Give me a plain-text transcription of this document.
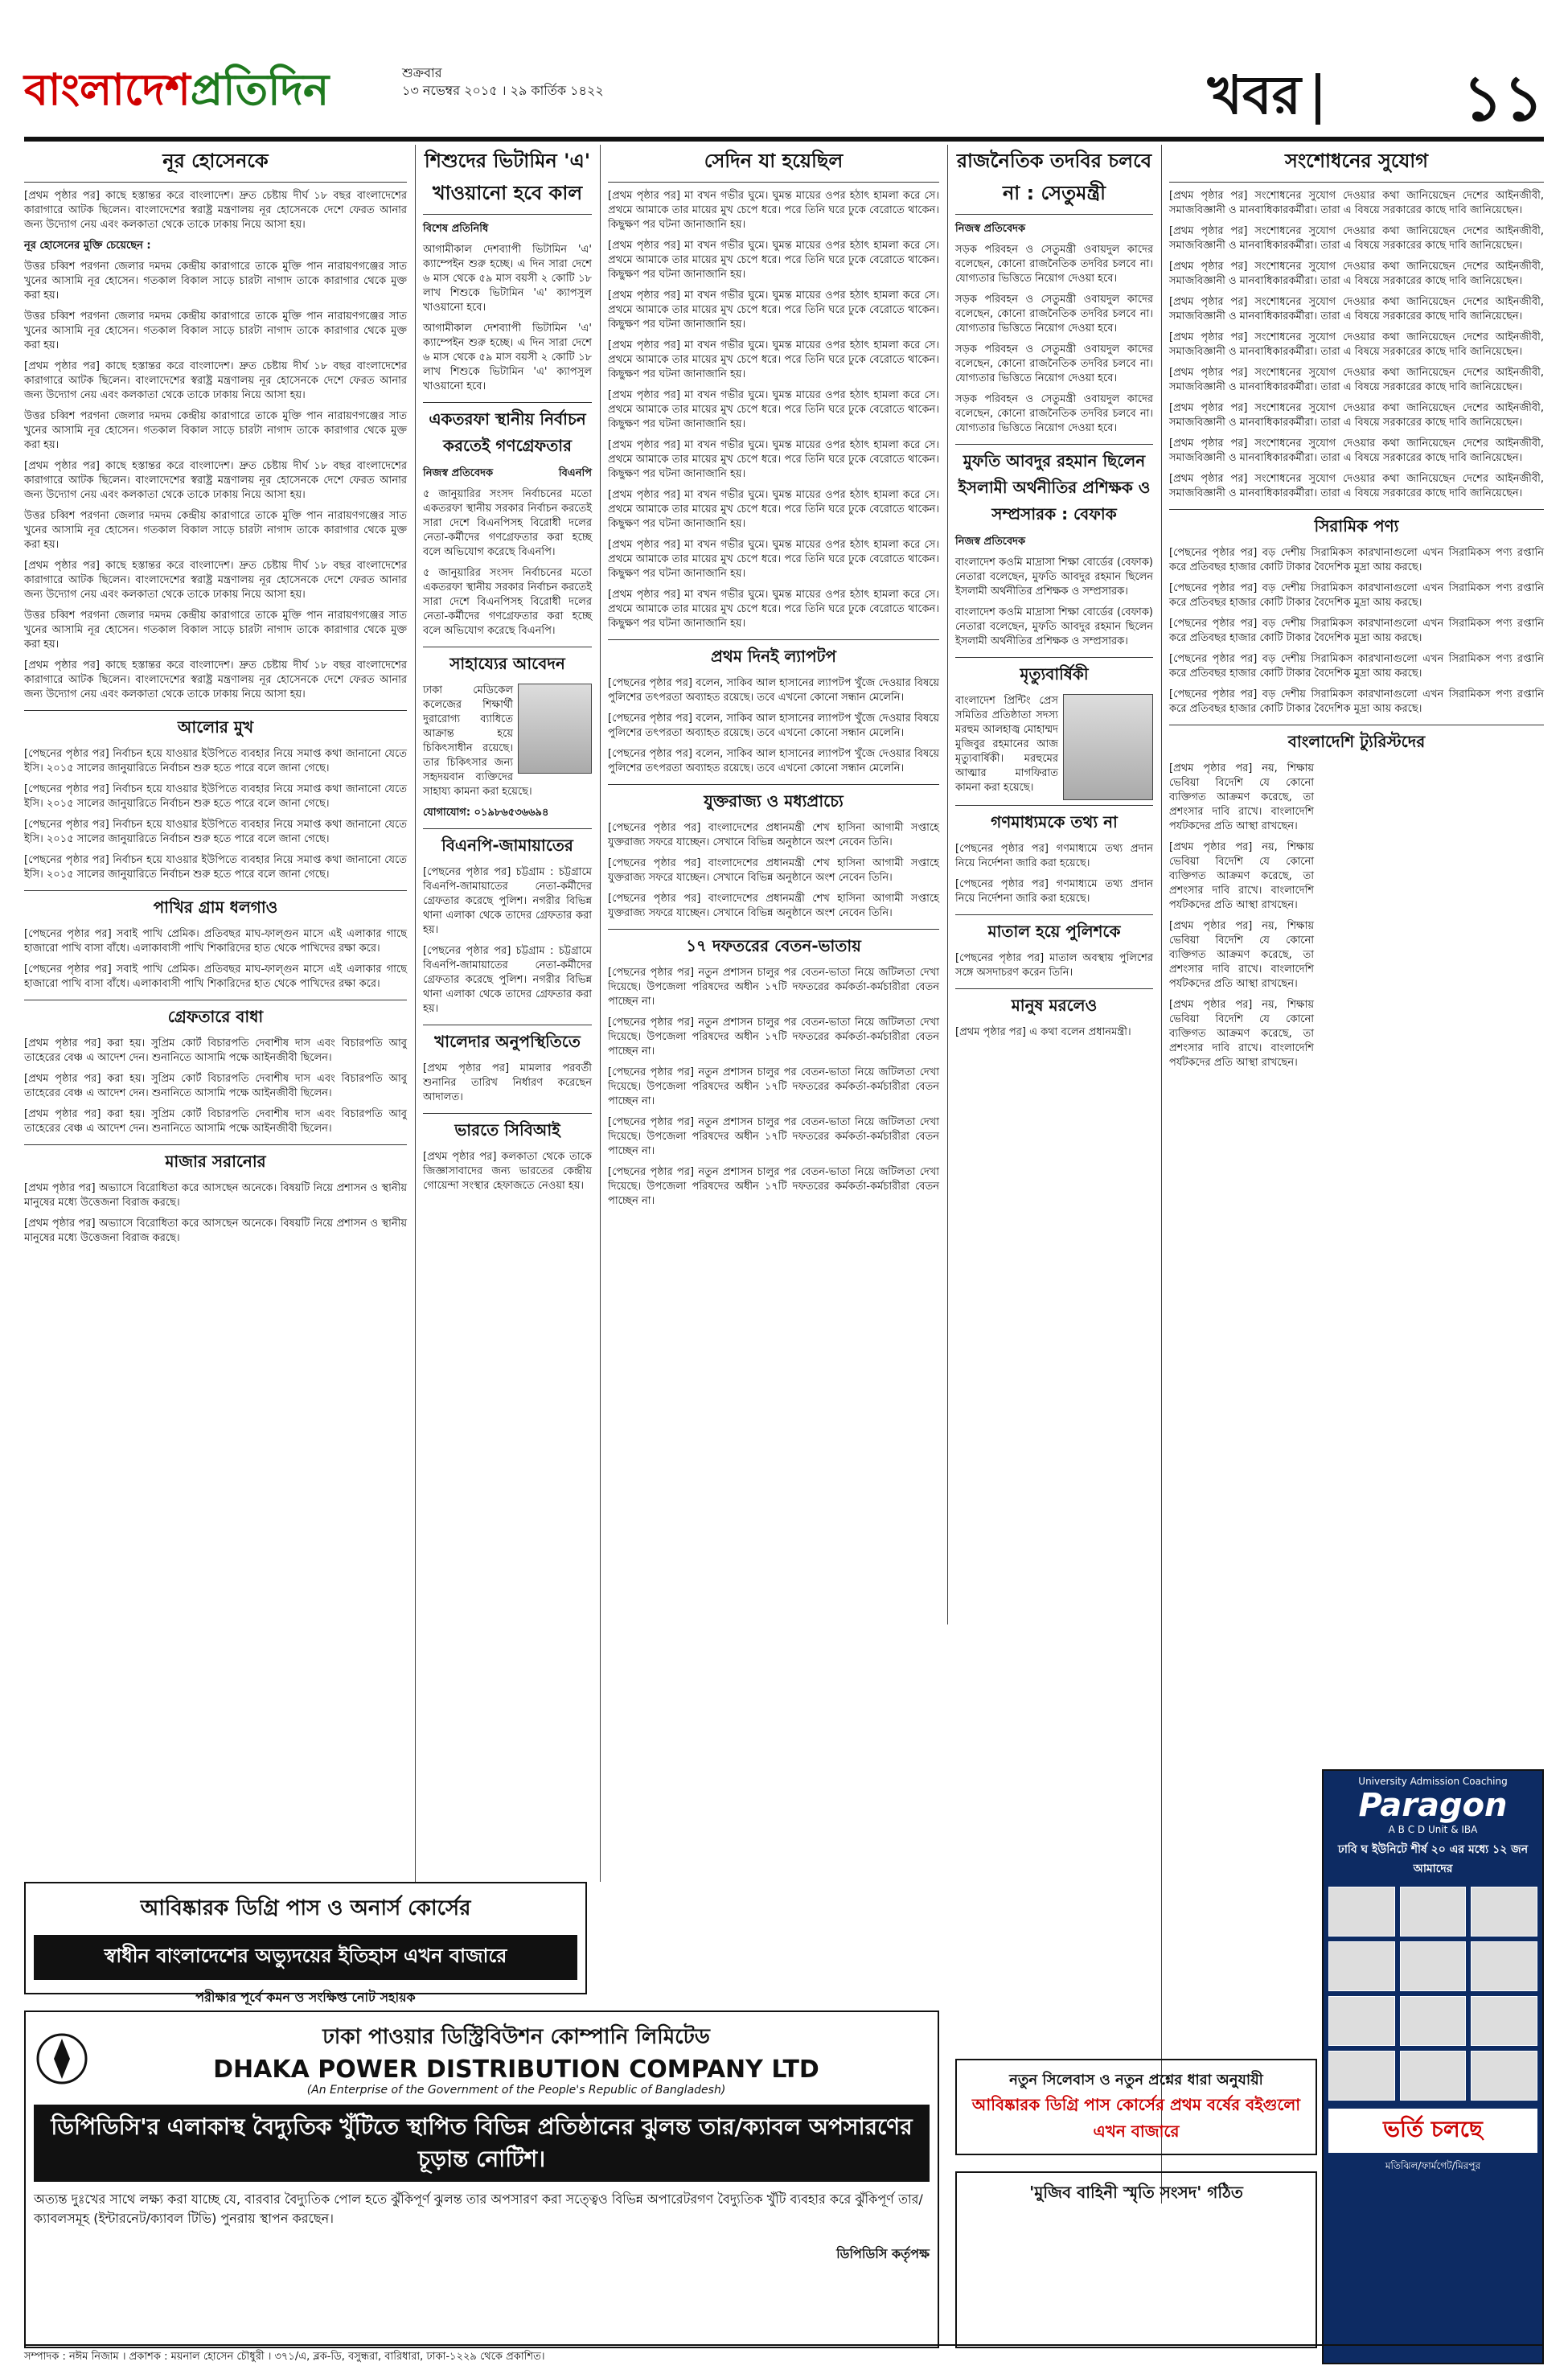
বাংলাদেশপ্রতিদিন	শুক্রবার
১৩ নভেম্বর ২০১৫ । ২৯ কার্তিক ১৪২২	খবর	১১
নূর হোসেনকে

[প্রথম পৃষ্ঠার পর] কাছে হস্তান্তর করে বাংলাদেশ। দ্রুত চেষ্টায় দীর্ঘ ১৮ বছর বাংলাদেশের কারাগারে আটক ছিলেন। বাংলাদেশের স্বরাষ্ট্র মন্ত্রণালয় নূর হোসেনকে দেশে ফেরত আনার জন্য উদ্যোগ নেয় এবং কলকাতা থেকে তাকে ঢাকায় নিয়ে আসা হয়।

নূর হোসেনের মুক্তি চেয়েছেন :

উত্তর চব্বিশ পরগনা জেলার দমদম কেন্দ্রীয় কারাগারে তাকে মুক্তি পান নারায়ণগঞ্জের সাত খুনের আসামি নূর হোসেন। গতকাল বিকাল সাড়ে চারটা নাগাদ তাকে কারাগার থেকে মুক্ত করা হয়।

উত্তর চব্বিশ পরগনা জেলার দমদম কেন্দ্রীয় কারাগারে তাকে মুক্তি পান নারায়ণগঞ্জের সাত খুনের আসামি নূর হোসেন। গতকাল বিকাল সাড়ে চারটা নাগাদ তাকে কারাগার থেকে মুক্ত করা হয়।

[প্রথম পৃষ্ঠার পর] কাছে হস্তান্তর করে বাংলাদেশ। দ্রুত চেষ্টায় দীর্ঘ ১৮ বছর বাংলাদেশের কারাগারে আটক ছিলেন। বাংলাদেশের স্বরাষ্ট্র মন্ত্রণালয় নূর হোসেনকে দেশে ফেরত আনার জন্য উদ্যোগ নেয় এবং কলকাতা থেকে তাকে ঢাকায় নিয়ে আসা হয়।

উত্তর চব্বিশ পরগনা জেলার দমদম কেন্দ্রীয় কারাগারে তাকে মুক্তি পান নারায়ণগঞ্জের সাত খুনের আসামি নূর হোসেন। গতকাল বিকাল সাড়ে চারটা নাগাদ তাকে কারাগার থেকে মুক্ত করা হয়।

[প্রথম পৃষ্ঠার পর] কাছে হস্তান্তর করে বাংলাদেশ। দ্রুত চেষ্টায় দীর্ঘ ১৮ বছর বাংলাদেশের কারাগারে আটক ছিলেন। বাংলাদেশের স্বরাষ্ট্র মন্ত্রণালয় নূর হোসেনকে দেশে ফেরত আনার জন্য উদ্যোগ নেয় এবং কলকাতা থেকে তাকে ঢাকায় নিয়ে আসা হয়।

উত্তর চব্বিশ পরগনা জেলার দমদম কেন্দ্রীয় কারাগারে তাকে মুক্তি পান নারায়ণগঞ্জের সাত খুনের আসামি নূর হোসেন। গতকাল বিকাল সাড়ে চারটা নাগাদ তাকে কারাগার থেকে মুক্ত করা হয়।

[প্রথম পৃষ্ঠার পর] কাছে হস্তান্তর করে বাংলাদেশ। দ্রুত চেষ্টায় দীর্ঘ ১৮ বছর বাংলাদেশের কারাগারে আটক ছিলেন। বাংলাদেশের স্বরাষ্ট্র মন্ত্রণালয় নূর হোসেনকে দেশে ফেরত আনার জন্য উদ্যোগ নেয় এবং কলকাতা থেকে তাকে ঢাকায় নিয়ে আসা হয়।

উত্তর চব্বিশ পরগনা জেলার দমদম কেন্দ্রীয় কারাগারে তাকে মুক্তি পান নারায়ণগঞ্জের সাত খুনের আসামি নূর হোসেন। গতকাল বিকাল সাড়ে চারটা নাগাদ তাকে কারাগার থেকে মুক্ত করা হয়।

[প্রথম পৃষ্ঠার পর] কাছে হস্তান্তর করে বাংলাদেশ। দ্রুত চেষ্টায় দীর্ঘ ১৮ বছর বাংলাদেশের কারাগারে আটক ছিলেন। বাংলাদেশের স্বরাষ্ট্র মন্ত্রণালয় নূর হোসেনকে দেশে ফেরত আনার জন্য উদ্যোগ নেয় এবং কলকাতা থেকে তাকে ঢাকায় নিয়ে আসা হয়।

আলোর মুখ

[পেছনের পৃষ্ঠার পর] নির্বাচন হয়ে যাওয়ার ইউপিতে ব্যবহার নিয়ে সমাপ্ত কথা জানানো যেতে ইসি। ২০১৫ সালের জানুয়ারিতে নির্বাচন শুরু হতে পারে বলে জানা গেছে।

[পেছনের পৃষ্ঠার পর] নির্বাচন হয়ে যাওয়ার ইউপিতে ব্যবহার নিয়ে সমাপ্ত কথা জানানো যেতে ইসি। ২০১৫ সালের জানুয়ারিতে নির্বাচন শুরু হতে পারে বলে জানা গেছে।

[পেছনের পৃষ্ঠার পর] নির্বাচন হয়ে যাওয়ার ইউপিতে ব্যবহার নিয়ে সমাপ্ত কথা জানানো যেতে ইসি। ২০১৫ সালের জানুয়ারিতে নির্বাচন শুরু হতে পারে বলে জানা গেছে।

[পেছনের পৃষ্ঠার পর] নির্বাচন হয়ে যাওয়ার ইউপিতে ব্যবহার নিয়ে সমাপ্ত কথা জানানো যেতে ইসি। ২০১৫ সালের জানুয়ারিতে নির্বাচন শুরু হতে পারে বলে জানা গেছে।

পাখির গ্রাম ধলগাও

[পেছনের পৃষ্ঠার পর] সবাই পাখি প্রেমিক। প্রতিবছর মাঘ-ফাল্গুন মাসে এই এলাকার গাছে হাজারো পাখি বাসা বাঁধে। এলাকাবাসী পাখি শিকারিদের হাত থেকে পাখিদের রক্ষা করে।

[পেছনের পৃষ্ঠার পর] সবাই পাখি প্রেমিক। প্রতিবছর মাঘ-ফাল্গুন মাসে এই এলাকার গাছে হাজারো পাখি বাসা বাঁধে। এলাকাবাসী পাখি শিকারিদের হাত থেকে পাখিদের রক্ষা করে।

গ্রেফতারে বাধা

[প্রথম পৃষ্ঠার পর] করা হয়। সুপ্রিম কোর্ট বিচারপতি দেবাশীষ দাস এবং বিচারপতি আবু তাহেরের বেঞ্চ এ আদেশ দেন। শুনানিতে আসামি পক্ষে আইনজীবী ছিলেন।

[প্রথম পৃষ্ঠার পর] করা হয়। সুপ্রিম কোর্ট বিচারপতি দেবাশীষ দাস এবং বিচারপতি আবু তাহেরের বেঞ্চ এ আদেশ দেন। শুনানিতে আসামি পক্ষে আইনজীবী ছিলেন।

[প্রথম পৃষ্ঠার পর] করা হয়। সুপ্রিম কোর্ট বিচারপতি দেবাশীষ দাস এবং বিচারপতি আবু তাহেরের বেঞ্চ এ আদেশ দেন। শুনানিতে আসামি পক্ষে আইনজীবী ছিলেন।

মাজার সরানোর

[প্রথম পৃষ্ঠার পর] অভ্যাসে বিরোধিতা করে আসছেন অনেকে। বিষয়টি নিয়ে প্রশাসন ও স্থানীয় মানুষের মধ্যে উত্তেজনা বিরাজ করছে।

[প্রথম পৃষ্ঠার পর] অভ্যাসে বিরোধিতা করে আসছেন অনেকে। বিষয়টি নিয়ে প্রশাসন ও স্থানীয় মানুষের মধ্যে উত্তেজনা বিরাজ করছে।

শিশুদের ভিটামিন 'এ' খাওয়ানো হবে কাল
বিশেষ প্রতিনিধি

আগামীকাল দেশব্যাপী ভিটামিন 'এ' ক্যাম্পেইন শুরু হচ্ছে। এ দিন সারা দেশে ৬ মাস থেকে ৫৯ মাস বয়সী ২ কোটি ১৮ লাখ শিশুকে ভিটামিন 'এ' ক্যাপসুল খাওয়ানো হবে।

আগামীকাল দেশব্যাপী ভিটামিন 'এ' ক্যাম্পেইন শুরু হচ্ছে। এ দিন সারা দেশে ৬ মাস থেকে ৫৯ মাস বয়সী ২ কোটি ১৮ লাখ শিশুকে ভিটামিন 'এ' ক্যাপসুল খাওয়ানো হবে।

একতরফা স্থানীয় নির্বাচন করতেই গণগ্রেফতার
নিজস্ব প্রতিবেদক	বিএনপি

৫ জানুয়ারির সংসদ নির্বাচনের মতো একতরফা স্থানীয় সরকার নির্বাচন করতেই সারা দেশে বিএনপিসহ বিরোধী দলের নেতা-কর্মীদের গণগ্রেফতার করা হচ্ছে বলে অভিযোগ করেছে বিএনপি।

৫ জানুয়ারির সংসদ নির্বাচনের মতো একতরফা স্থানীয় সরকার নির্বাচন করতেই সারা দেশে বিএনপিসহ বিরোধী দলের নেতা-কর্মীদের গণগ্রেফতার করা হচ্ছে বলে অভিযোগ করেছে বিএনপি।

সাহায্যের আবেদন

ঢাকা মেডিকেল কলেজের শিক্ষার্থী দুরারোগ্য ব্যাধিতে আক্রান্ত হয়ে চিকিৎসাধীন রয়েছে। তার চিকিৎসার জন্য সহৃদয়বান ব্যক্তিদের সাহায্য কামনা করা হয়েছে।

যোগাযোগ: ০১৯৮৬৫৩৬৬৯৪

বিএনপি-জামায়াতের

[পেছনের পৃষ্ঠার পর] চট্টগ্রাম : চট্টগ্রামে বিএনপি-জামায়াতের নেতা-কর্মীদের গ্রেফতার করেছে পুলিশ। নগরীর বিভিন্ন থানা এলাকা থেকে তাদের গ্রেফতার করা হয়।

[পেছনের পৃষ্ঠার পর] চট্টগ্রাম : চট্টগ্রামে বিএনপি-জামায়াতের নেতা-কর্মীদের গ্রেফতার করেছে পুলিশ। নগরীর বিভিন্ন থানা এলাকা থেকে তাদের গ্রেফতার করা হয়।

খালেদার অনুপস্থিতিতে

[প্রথম পৃষ্ঠার পর] মামলার পরবর্তী শুনানির তারিখ নির্ধারণ করেছেন আদালত।

ভারতে সিবিআই

[প্রথম পৃষ্ঠার পর] কলকাতা থেকে তাকে জিজ্ঞাসাবাদের জন্য ভারতের কেন্দ্রীয় গোয়েন্দা সংস্থার হেফাজতে নেওয়া হয়।

সেদিন যা হয়েছিল

[প্রথম পৃষ্ঠার পর] মা বখন গভীর ঘুমে। ঘুমন্ত মায়ের ওপর হঠাৎ হামলা করে সে। প্রথমে আমাকে তার মায়ের মুখ চেপে ধরে। পরে তিনি ঘরে ঢুকে বেরোতে থাকেন। কিছুক্ষণ পর ঘটনা জানাজানি হয়।

[প্রথম পৃষ্ঠার পর] মা বখন গভীর ঘুমে। ঘুমন্ত মায়ের ওপর হঠাৎ হামলা করে সে। প্রথমে আমাকে তার মায়ের মুখ চেপে ধরে। পরে তিনি ঘরে ঢুকে বেরোতে থাকেন। কিছুক্ষণ পর ঘটনা জানাজানি হয়।

[প্রথম পৃষ্ঠার পর] মা বখন গভীর ঘুমে। ঘুমন্ত মায়ের ওপর হঠাৎ হামলা করে সে। প্রথমে আমাকে তার মায়ের মুখ চেপে ধরে। পরে তিনি ঘরে ঢুকে বেরোতে থাকেন। কিছুক্ষণ পর ঘটনা জানাজানি হয়।

[প্রথম পৃষ্ঠার পর] মা বখন গভীর ঘুমে। ঘুমন্ত মায়ের ওপর হঠাৎ হামলা করে সে। প্রথমে আমাকে তার মায়ের মুখ চেপে ধরে। পরে তিনি ঘরে ঢুকে বেরোতে থাকেন। কিছুক্ষণ পর ঘটনা জানাজানি হয়।

[প্রথম পৃষ্ঠার পর] মা বখন গভীর ঘুমে। ঘুমন্ত মায়ের ওপর হঠাৎ হামলা করে সে। প্রথমে আমাকে তার মায়ের মুখ চেপে ধরে। পরে তিনি ঘরে ঢুকে বেরোতে থাকেন। কিছুক্ষণ পর ঘটনা জানাজানি হয়।

[প্রথম পৃষ্ঠার পর] মা বখন গভীর ঘুমে। ঘুমন্ত মায়ের ওপর হঠাৎ হামলা করে সে। প্রথমে আমাকে তার মায়ের মুখ চেপে ধরে। পরে তিনি ঘরে ঢুকে বেরোতে থাকেন। কিছুক্ষণ পর ঘটনা জানাজানি হয়।

[প্রথম পৃষ্ঠার পর] মা বখন গভীর ঘুমে। ঘুমন্ত মায়ের ওপর হঠাৎ হামলা করে সে। প্রথমে আমাকে তার মায়ের মুখ চেপে ধরে। পরে তিনি ঘরে ঢুকে বেরোতে থাকেন। কিছুক্ষণ পর ঘটনা জানাজানি হয়।

[প্রথম পৃষ্ঠার পর] মা বখন গভীর ঘুমে। ঘুমন্ত মায়ের ওপর হঠাৎ হামলা করে সে। প্রথমে আমাকে তার মায়ের মুখ চেপে ধরে। পরে তিনি ঘরে ঢুকে বেরোতে থাকেন। কিছুক্ষণ পর ঘটনা জানাজানি হয়।

[প্রথম পৃষ্ঠার পর] মা বখন গভীর ঘুমে। ঘুমন্ত মায়ের ওপর হঠাৎ হামলা করে সে। প্রথমে আমাকে তার মায়ের মুখ চেপে ধরে। পরে তিনি ঘরে ঢুকে বেরোতে থাকেন। কিছুক্ষণ পর ঘটনা জানাজানি হয়।

প্রথম দিনই ল্যাপটপ

[পেছনের পৃষ্ঠার পর] বলেন, সাকিব আল হাসানের ল্যাপটপ খুঁজে দেওয়ার বিষয়ে পুলিশের তৎপরতা অব্যাহত রয়েছে। তবে এখনো কোনো সন্ধান মেলেনি।

[পেছনের পৃষ্ঠার পর] বলেন, সাকিব আল হাসানের ল্যাপটপ খুঁজে দেওয়ার বিষয়ে পুলিশের তৎপরতা অব্যাহত রয়েছে। তবে এখনো কোনো সন্ধান মেলেনি।

[পেছনের পৃষ্ঠার পর] বলেন, সাকিব আল হাসানের ল্যাপটপ খুঁজে দেওয়ার বিষয়ে পুলিশের তৎপরতা অব্যাহত রয়েছে। তবে এখনো কোনো সন্ধান মেলেনি।

যুক্তরাজ্য ও মধ্যপ্রাচ্যে

[পেছনের পৃষ্ঠার পর] বাংলাদেশের প্রধানমন্ত্রী শেখ হাসিনা আগামী সপ্তাহে যুক্তরাজ্য সফরে যাচ্ছেন। সেখানে বিভিন্ন অনুষ্ঠানে অংশ নেবেন তিনি।

[পেছনের পৃষ্ঠার পর] বাংলাদেশের প্রধানমন্ত্রী শেখ হাসিনা আগামী সপ্তাহে যুক্তরাজ্য সফরে যাচ্ছেন। সেখানে বিভিন্ন অনুষ্ঠানে অংশ নেবেন তিনি।

[পেছনের পৃষ্ঠার পর] বাংলাদেশের প্রধানমন্ত্রী শেখ হাসিনা আগামী সপ্তাহে যুক্তরাজ্য সফরে যাচ্ছেন। সেখানে বিভিন্ন অনুষ্ঠানে অংশ নেবেন তিনি।

১৭ দফতরের বেতন-ভাতায়

[পেছনের পৃষ্ঠার পর] নতুন প্রশাসন চালুর পর বেতন-ভাতা নিয়ে জটিলতা দেখা দিয়েছে। উপজেলা পরিষদের অধীন ১৭টি দফতরের কর্মকর্তা-কর্মচারীরা বেতন পাচ্ছেন না।

[পেছনের পৃষ্ঠার পর] নতুন প্রশাসন চালুর পর বেতন-ভাতা নিয়ে জটিলতা দেখা দিয়েছে। উপজেলা পরিষদের অধীন ১৭টি দফতরের কর্মকর্তা-কর্মচারীরা বেতন পাচ্ছেন না।

[পেছনের পৃষ্ঠার পর] নতুন প্রশাসন চালুর পর বেতন-ভাতা নিয়ে জটিলতা দেখা দিয়েছে। উপজেলা পরিষদের অধীন ১৭টি দফতরের কর্মকর্তা-কর্মচারীরা বেতন পাচ্ছেন না।

[পেছনের পৃষ্ঠার পর] নতুন প্রশাসন চালুর পর বেতন-ভাতা নিয়ে জটিলতা দেখা দিয়েছে। উপজেলা পরিষদের অধীন ১৭টি দফতরের কর্মকর্তা-কর্মচারীরা বেতন পাচ্ছেন না।

[পেছনের পৃষ্ঠার পর] নতুন প্রশাসন চালুর পর বেতন-ভাতা নিয়ে জটিলতা দেখা দিয়েছে। উপজেলা পরিষদের অধীন ১৭টি দফতরের কর্মকর্তা-কর্মচারীরা বেতন পাচ্ছেন না।

রাজনৈতিক তদবির চলবে না : সেতুমন্ত্রী
নিজস্ব প্রতিবেদক

সড়ক পরিবহন ও সেতুমন্ত্রী ওবায়দুল কাদের বলেছেন, কোনো রাজনৈতিক তদবির চলবে না। যোগ্যতার ভিত্তিতে নিয়োগ দেওয়া হবে।

সড়ক পরিবহন ও সেতুমন্ত্রী ওবায়দুল কাদের বলেছেন, কোনো রাজনৈতিক তদবির চলবে না। যোগ্যতার ভিত্তিতে নিয়োগ দেওয়া হবে।

সড়ক পরিবহন ও সেতুমন্ত্রী ওবায়দুল কাদের বলেছেন, কোনো রাজনৈতিক তদবির চলবে না। যোগ্যতার ভিত্তিতে নিয়োগ দেওয়া হবে।

সড়ক পরিবহন ও সেতুমন্ত্রী ওবায়দুল কাদের বলেছেন, কোনো রাজনৈতিক তদবির চলবে না। যোগ্যতার ভিত্তিতে নিয়োগ দেওয়া হবে।

মুফতি আবদুর রহমান ছিলেন ইসলামী অর্থনীতির প্রশিক্ষক ও সম্প্রসারক : বেফাক
নিজস্ব প্রতিবেদক

বাংলাদেশ কওমি মাদ্রাসা শিক্ষা বোর্ডের (বেফাক) নেতারা বলেছেন, মুফতি আবদুর রহমান ছিলেন ইসলামী অর্থনীতির প্রশিক্ষক ও সম্প্রসারক।

বাংলাদেশ কওমি মাদ্রাসা শিক্ষা বোর্ডের (বেফাক) নেতারা বলেছেন, মুফতি আবদুর রহমান ছিলেন ইসলামী অর্থনীতির প্রশিক্ষক ও সম্প্রসারক।

মৃত্যুবার্ষিকী

বাংলাদেশ প্রিন্টিং প্রেস সমিতির প্রতিষ্ঠাতা সদস্য মরহুম আলহাজ্ব মোহাম্মদ মুজিবুর রহমানের আজ মৃত্যুবার্ষিকী। মরহুমের আত্মার মাগফিরাত কামনা করা হয়েছে।

গণমাধ্যমকে তথ্য না

[পেছনের পৃষ্ঠার পর] গণমাধ্যমে তথ্য প্রদান নিয়ে নির্দেশনা জারি করা হয়েছে।

[পেছনের পৃষ্ঠার পর] গণমাধ্যমে তথ্য প্রদান নিয়ে নির্দেশনা জারি করা হয়েছে।

মাতাল হয়ে পুলিশকে

[পেছনের পৃষ্ঠার পর] মাতাল অবস্থায় পুলিশের সঙ্গে অসদাচরণ করেন তিনি।

মানুষ মরলেও

[প্রথম পৃষ্ঠার পর] এ কথা বলেন প্রধানমন্ত্রী।

সংশোধনের সুযোগ

[প্রথম পৃষ্ঠার পর] সংশোধনের সুযোগ দেওয়ার কথা জানিয়েছেন দেশের আইনজীবী, সমাজবিজ্ঞানী ও মানবাধিকারকর্মীরা। তারা এ বিষয়ে সরকারের কাছে দাবি জানিয়েছেন।

[প্রথম পৃষ্ঠার পর] সংশোধনের সুযোগ দেওয়ার কথা জানিয়েছেন দেশের আইনজীবী, সমাজবিজ্ঞানী ও মানবাধিকারকর্মীরা। তারা এ বিষয়ে সরকারের কাছে দাবি জানিয়েছেন।

[প্রথম পৃষ্ঠার পর] সংশোধনের সুযোগ দেওয়ার কথা জানিয়েছেন দেশের আইনজীবী, সমাজবিজ্ঞানী ও মানবাধিকারকর্মীরা। তারা এ বিষয়ে সরকারের কাছে দাবি জানিয়েছেন।

[প্রথম পৃষ্ঠার পর] সংশোধনের সুযোগ দেওয়ার কথা জানিয়েছেন দেশের আইনজীবী, সমাজবিজ্ঞানী ও মানবাধিকারকর্মীরা। তারা এ বিষয়ে সরকারের কাছে দাবি জানিয়েছেন।

[প্রথম পৃষ্ঠার পর] সংশোধনের সুযোগ দেওয়ার কথা জানিয়েছেন দেশের আইনজীবী, সমাজবিজ্ঞানী ও মানবাধিকারকর্মীরা। তারা এ বিষয়ে সরকারের কাছে দাবি জানিয়েছেন।

[প্রথম পৃষ্ঠার পর] সংশোধনের সুযোগ দেওয়ার কথা জানিয়েছেন দেশের আইনজীবী, সমাজবিজ্ঞানী ও মানবাধিকারকর্মীরা। তারা এ বিষয়ে সরকারের কাছে দাবি জানিয়েছেন।

[প্রথম পৃষ্ঠার পর] সংশোধনের সুযোগ দেওয়ার কথা জানিয়েছেন দেশের আইনজীবী, সমাজবিজ্ঞানী ও মানবাধিকারকর্মীরা। তারা এ বিষয়ে সরকারের কাছে দাবি জানিয়েছেন।

[প্রথম পৃষ্ঠার পর] সংশোধনের সুযোগ দেওয়ার কথা জানিয়েছেন দেশের আইনজীবী, সমাজবিজ্ঞানী ও মানবাধিকারকর্মীরা। তারা এ বিষয়ে সরকারের কাছে দাবি জানিয়েছেন।

[প্রথম পৃষ্ঠার পর] সংশোধনের সুযোগ দেওয়ার কথা জানিয়েছেন দেশের আইনজীবী, সমাজবিজ্ঞানী ও মানবাধিকারকর্মীরা। তারা এ বিষয়ে সরকারের কাছে দাবি জানিয়েছেন।

সিরামিক পণ্য

[পেছনের পৃষ্ঠার পর] বড় দেশীয় সিরামিকস কারখানাগুলো এখন সিরামিকস পণ্য রপ্তানি করে প্রতিবছর হাজার কোটি টাকার বৈদেশিক মুদ্রা আয় করছে।

[পেছনের পৃষ্ঠার পর] বড় দেশীয় সিরামিকস কারখানাগুলো এখন সিরামিকস পণ্য রপ্তানি করে প্রতিবছর হাজার কোটি টাকার বৈদেশিক মুদ্রা আয় করছে।

[পেছনের পৃষ্ঠার পর] বড় দেশীয় সিরামিকস কারখানাগুলো এখন সিরামিকস পণ্য রপ্তানি করে প্রতিবছর হাজার কোটি টাকার বৈদেশিক মুদ্রা আয় করছে।

[পেছনের পৃষ্ঠার পর] বড় দেশীয় সিরামিকস কারখানাগুলো এখন সিরামিকস পণ্য রপ্তানি করে প্রতিবছর হাজার কোটি টাকার বৈদেশিক মুদ্রা আয় করছে।

[পেছনের পৃষ্ঠার পর] বড় দেশীয় সিরামিকস কারখানাগুলো এখন সিরামিকস পণ্য রপ্তানি করে প্রতিবছর হাজার কোটি টাকার বৈদেশিক মুদ্রা আয় করছে।

বাংলাদেশি ট্যুরিস্টদের

[প্রথম পৃষ্ঠার পর] নয়, শিক্ষায় ভেবিয়া বিদেশি যে কোনো ব্যক্তিগত আক্রমণ করেছে, তা প্রশংসার দাবি রাখে। বাংলাদেশি পর্যটকদের প্রতি আস্থা রাখছেন।

[প্রথম পৃষ্ঠার পর] নয়, শিক্ষায় ভেবিয়া বিদেশি যে কোনো ব্যক্তিগত আক্রমণ করেছে, তা প্রশংসার দাবি রাখে। বাংলাদেশি পর্যটকদের প্রতি আস্থা রাখছেন।

[প্রথম পৃষ্ঠার পর] নয়, শিক্ষায় ভেবিয়া বিদেশি যে কোনো ব্যক্তিগত আক্রমণ করেছে, তা প্রশংসার দাবি রাখে। বাংলাদেশি পর্যটকদের প্রতি আস্থা রাখছেন।

[প্রথম পৃষ্ঠার পর] নয়, শিক্ষায় ভেবিয়া বিদেশি যে কোনো ব্যক্তিগত আক্রমণ করেছে, তা প্রশংসার দাবি রাখে। বাংলাদেশি পর্যটকদের প্রতি আস্থা রাখছেন।

আবিষ্কারক ডিগ্রি পাস ও অনার্স কোর্সের
স্বাধীন বাংলাদেশের অভ্যুদয়ের ইতিহাস এখন বাজারে
পরীক্ষার পূর্বে কমন ও সংক্ষিপ্ত নোট সহায়ক
ঢাকা পাওয়ার ডিস্ট্রিবিউশন কোম্পানি লিমিটেড
DHAKA POWER DISTRIBUTION COMPANY LTD
(An Enterprise of the Government of the People's Republic of Bangladesh)
ডিপিডিসি'র এলাকাস্থ বৈদ্যুতিক খুঁটিতে স্থাপিত বিভিন্ন প্রতিষ্ঠানের ঝুলন্ত তার/ক্যাবল অপসারণের চূড়ান্ত নোটিশ।
অত্যন্ত দুঃখের সাথে লক্ষ্য করা যাচ্ছে যে, বারবার বৈদ্যুতিক পোল হতে ঝুঁকিপূর্ণ ঝুলন্ত তার অপসারণ করা সত্ত্বেও বিভিন্ন অপারেটরগণ বৈদ্যুতিক খুঁটি ব্যবহার করে ঝুঁকিপূর্ণ তার/ক্যাবলসমূহ (ইন্টারনেট/ক্যাবল টিভি) পুনরায় স্থাপন করছেন।
ডিপিডিসি কর্তৃপক্ষ
নতুন সিলেবাস ও নতুন প্রশ্নের ধারা অনুযায়ী
আবিষ্কারক ডিগ্রি পাস কোর্সের প্রথম বর্ষের বইগুলো এখন বাজারে
'মুজিব বাহিনী স্মৃতি সংসদ' গঠিত
University Admission Coaching
Paragon
A B C D Unit & IBA
ঢাবি ঘ ইউনিটে শীর্ষ ২০ এর মধ্যে ১২ জন আমাদের
ভর্তি চলছে
মতিঝিল/ফার্মগেট/মিরপুর
সম্পাদক : নঈম নিজাম । প্রকাশক : ময়নাল হোসেন চৌধুরী । ৩৭১/এ, ব্লক-ডি, বসুন্ধরা, বারিধারা, ঢাকা-১২২৯ থেকে প্রকাশিত।
